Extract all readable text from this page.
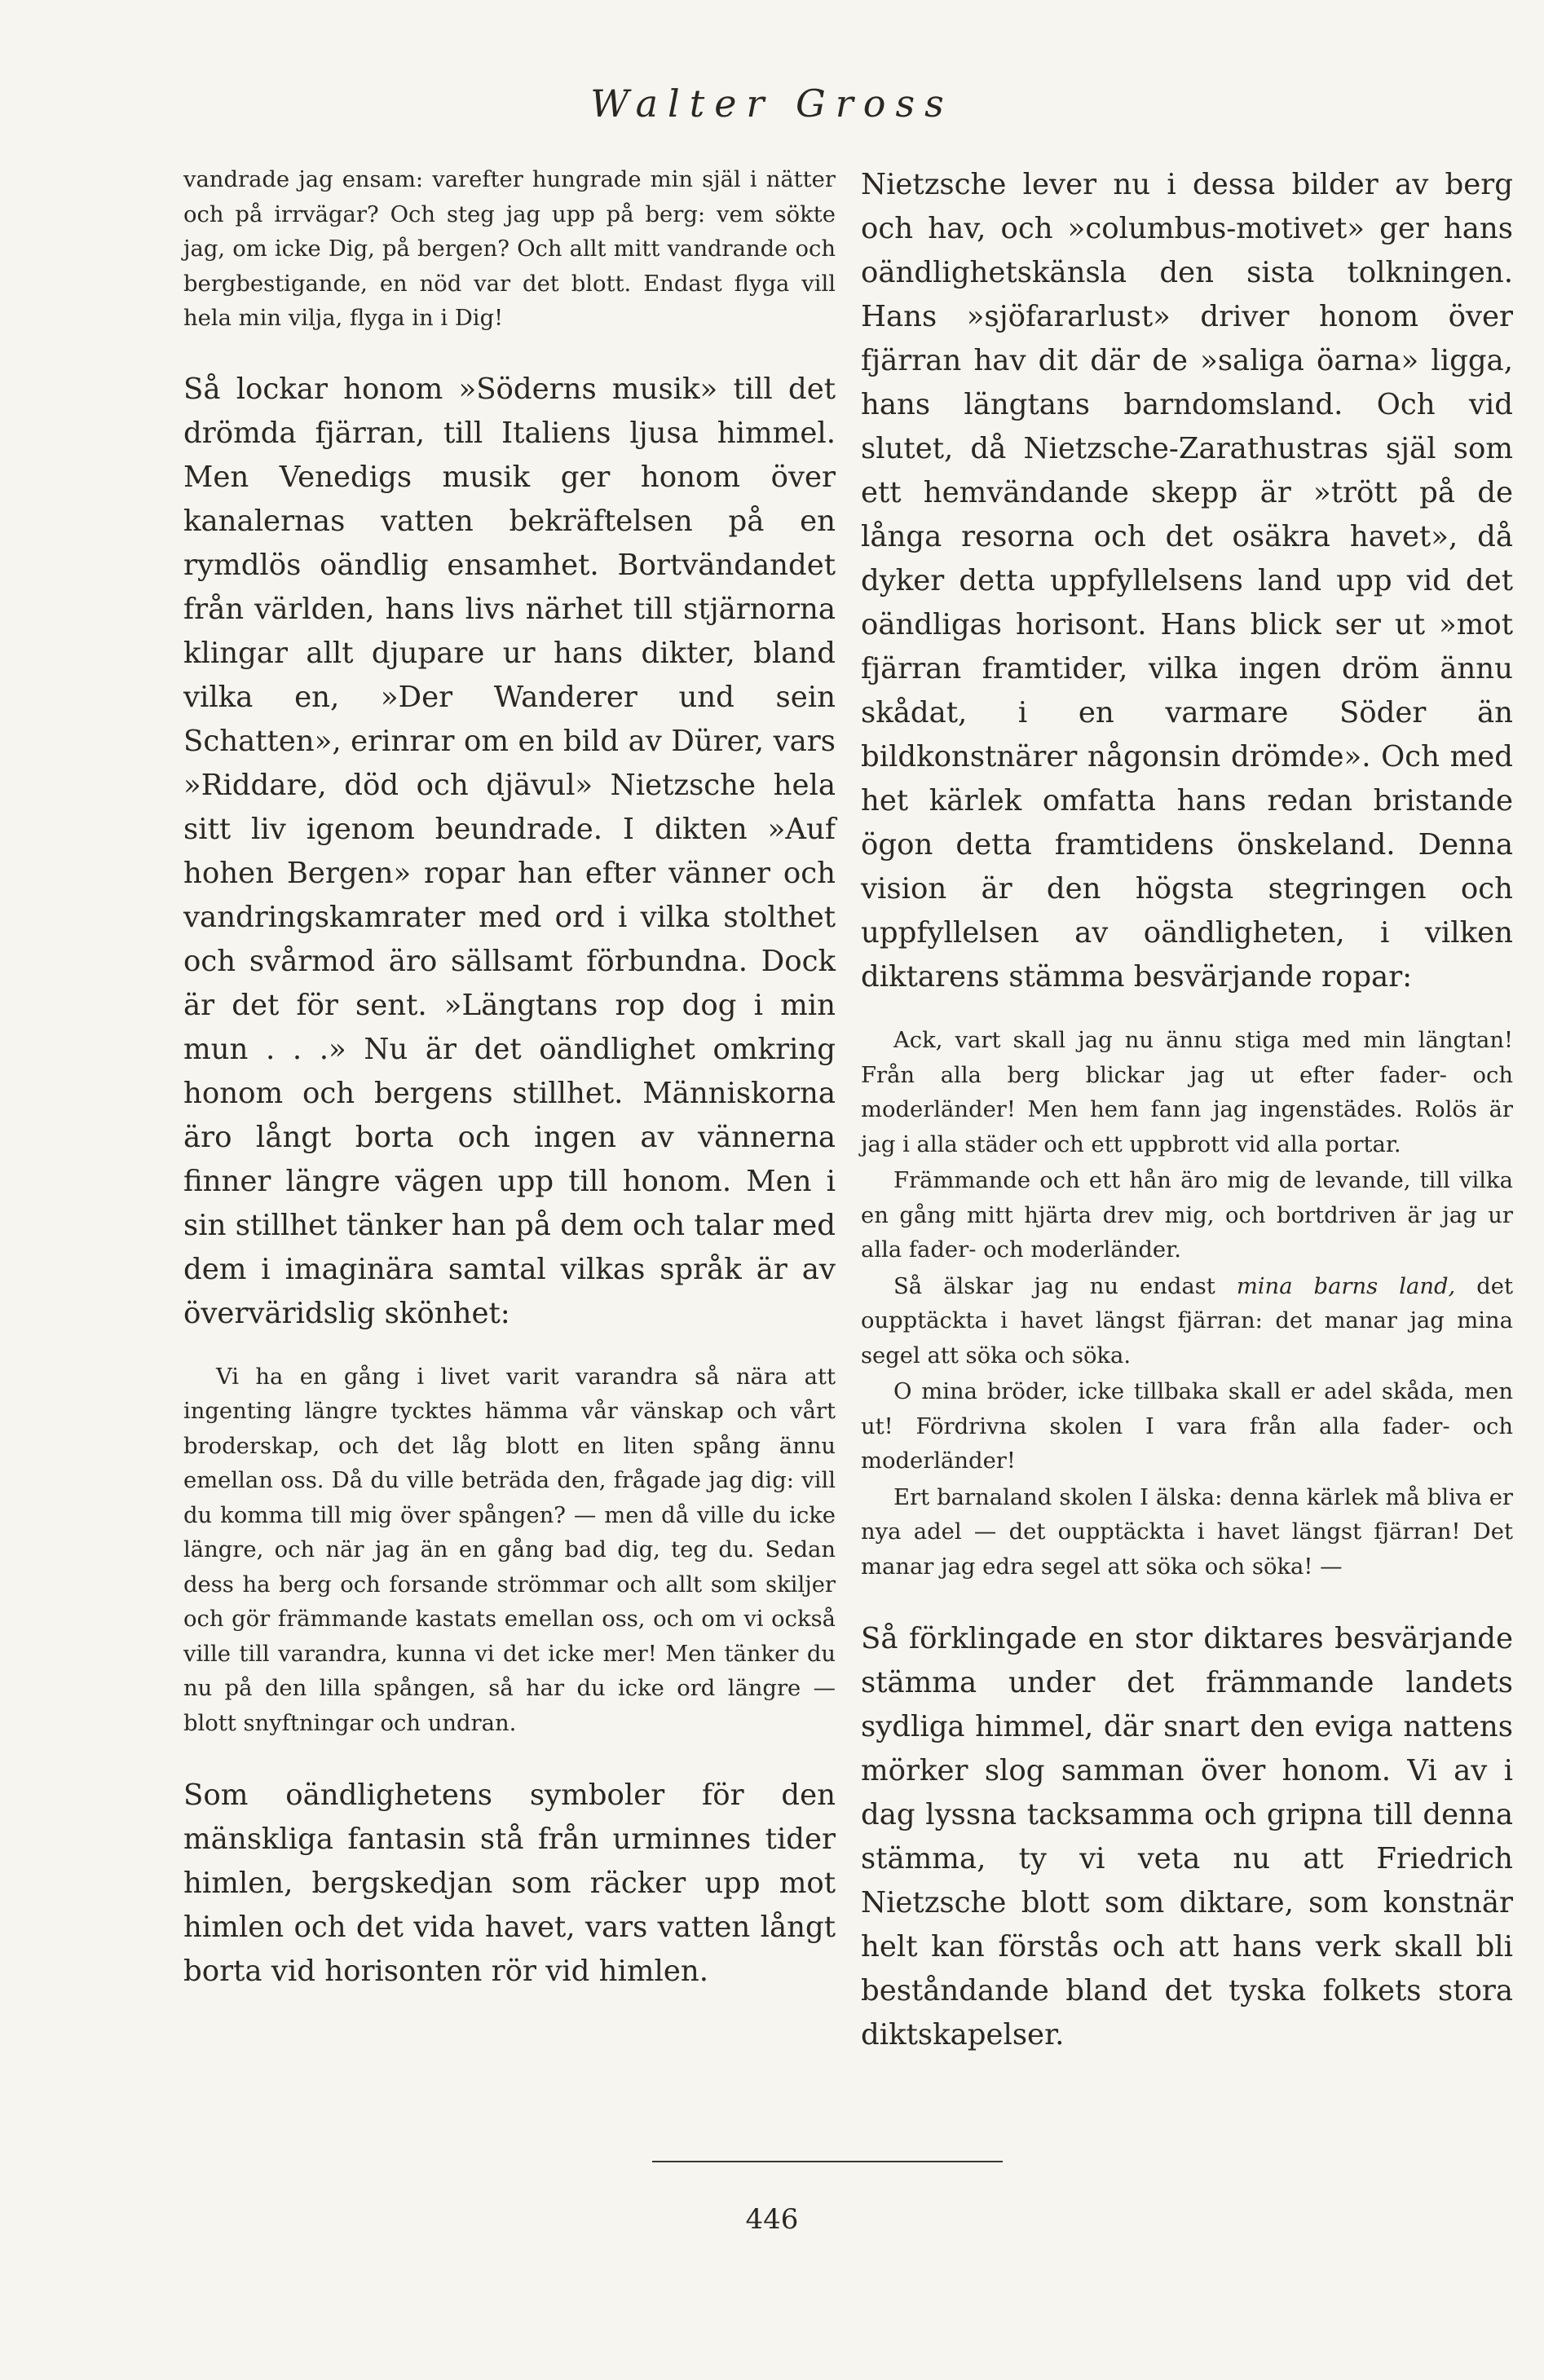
Walter Gross

vandrade jag ensam: varefter hungrade min själ i nätter och på irrvägar? Och steg jag upp på berg: vem sökte jag, om icke Dig, på bergen? Och allt mitt vandrande och bergbestigande, en nöd var det blott. Endast flyga vill hela min vilja, flyga in i Dig!

Så lockar honom »Söderns musik» till det drömda fjärran, till Italiens ljusa himmel. Men Venedigs musik ger honom över kanalernas vatten bekräftelsen på en rymdlös oändlig ensamhet. Bortvändandet från världen, hans livs närhet till stjärnorna klingar allt djupare ur hans dikter, bland vilka en, »Der Wanderer und sein Schatten», erinrar om en bild av Dürer, vars »Riddare, död och djävul» Nietzsche hela sitt liv igenom beundrade. I dikten »Auf hohen Bergen» ropar han efter vänner och vandringskamrater med ord i vilka stolthet och svårmod äro sällsamt förbundna. Dock är det för sent. »Längtans rop dog i min mun . . .» Nu är det oändlighet omkring honom och bergens stillhet. Människorna äro långt borta och ingen av vännerna finner längre vägen upp till honom. Men i sin stillhet tänker han på dem och talar med dem i imaginära samtal vilkas språk är av överväridslig skönhet:

Vi ha en gång i livet varit varandra så nära att ingenting längre tycktes hämma vår vänskap och vårt broderskap, och det låg blott en liten spång ännu emellan oss. Då du ville beträda den, frågade jag dig: vill du komma till mig över spången? — men då ville du icke längre, och när jag än en gång bad dig, teg du. Sedan dess ha berg och forsande strömmar och allt som skiljer och gör främmande kastats emellan oss, och om vi också ville till varandra, kunna vi det icke mer! Men tänker du nu på den lilla spången, så har du icke ord längre — blott snyftningar och undran.

Som oändlighetens symboler för den mänskliga fantasin stå från urminnes tider himlen, bergskedjan som räcker upp mot himlen och det vida havet, vars vatten långt borta vid horisonten rör vid himlen.

Nietzsche lever nu i dessa bilder av berg och hav, och »columbus-motivet» ger hans oändlighetskänsla den sista tolkningen. Hans »sjöfararlust» driver honom över fjärran hav dit där de »saliga öarna» ligga, hans längtans barndomsland. Och vid slutet, då Nietzsche-Zarathustras själ som ett hemvändande skepp är »trött på de långa resorna och det osäkra havet», då dyker detta uppfyllelsens land upp vid det oändligas horisont. Hans blick ser ut »mot fjärran framtider, vilka ingen dröm ännu skådat, i en varmare Söder än bildkonstnärer någonsin drömde». Och med het kärlek omfatta hans redan bristande ögon detta framtidens önskeland. Denna vision är den högsta stegringen och uppfyllelsen av oändligheten, i vilken diktarens stämma besvärjande ropar:

Ack, vart skall jag nu ännu stiga med min längtan! Från alla berg blickar jag ut efter fader- och moderländer! Men hem fann jag ingenstädes. Rolös är jag i alla städer och ett uppbrott vid alla portar.

Främmande och ett hån äro mig de levande, till vilka en gång mitt hjärta drev mig, och bortdriven är jag ur alla fader- och moderländer.

Så älskar jag nu endast mina barns land, det oupptäckta i havet längst fjärran: det manar jag mina segel att söka och söka.

O mina bröder, icke tillbaka skall er adel skåda, men ut! Fördrivna skolen I vara från alla fader- och moderländer!

Ert barnaland skolen I älska: denna kärlek må bliva er nya adel — det oupptäckta i havet längst fjärran! Det manar jag edra segel att söka och söka! —

Så förklingade en stor diktares besvärjande stämma under det främmande landets sydliga himmel, där snart den eviga nattens mörker slog samman över honom. Vi av i dag lyssna tacksamma och gripna till denna stämma, ty vi veta nu att Friedrich Nietzsche blott som diktare, som konstnär helt kan förstås och att hans verk skall bli beståndande bland det tyska folkets stora diktskapelser.

446
